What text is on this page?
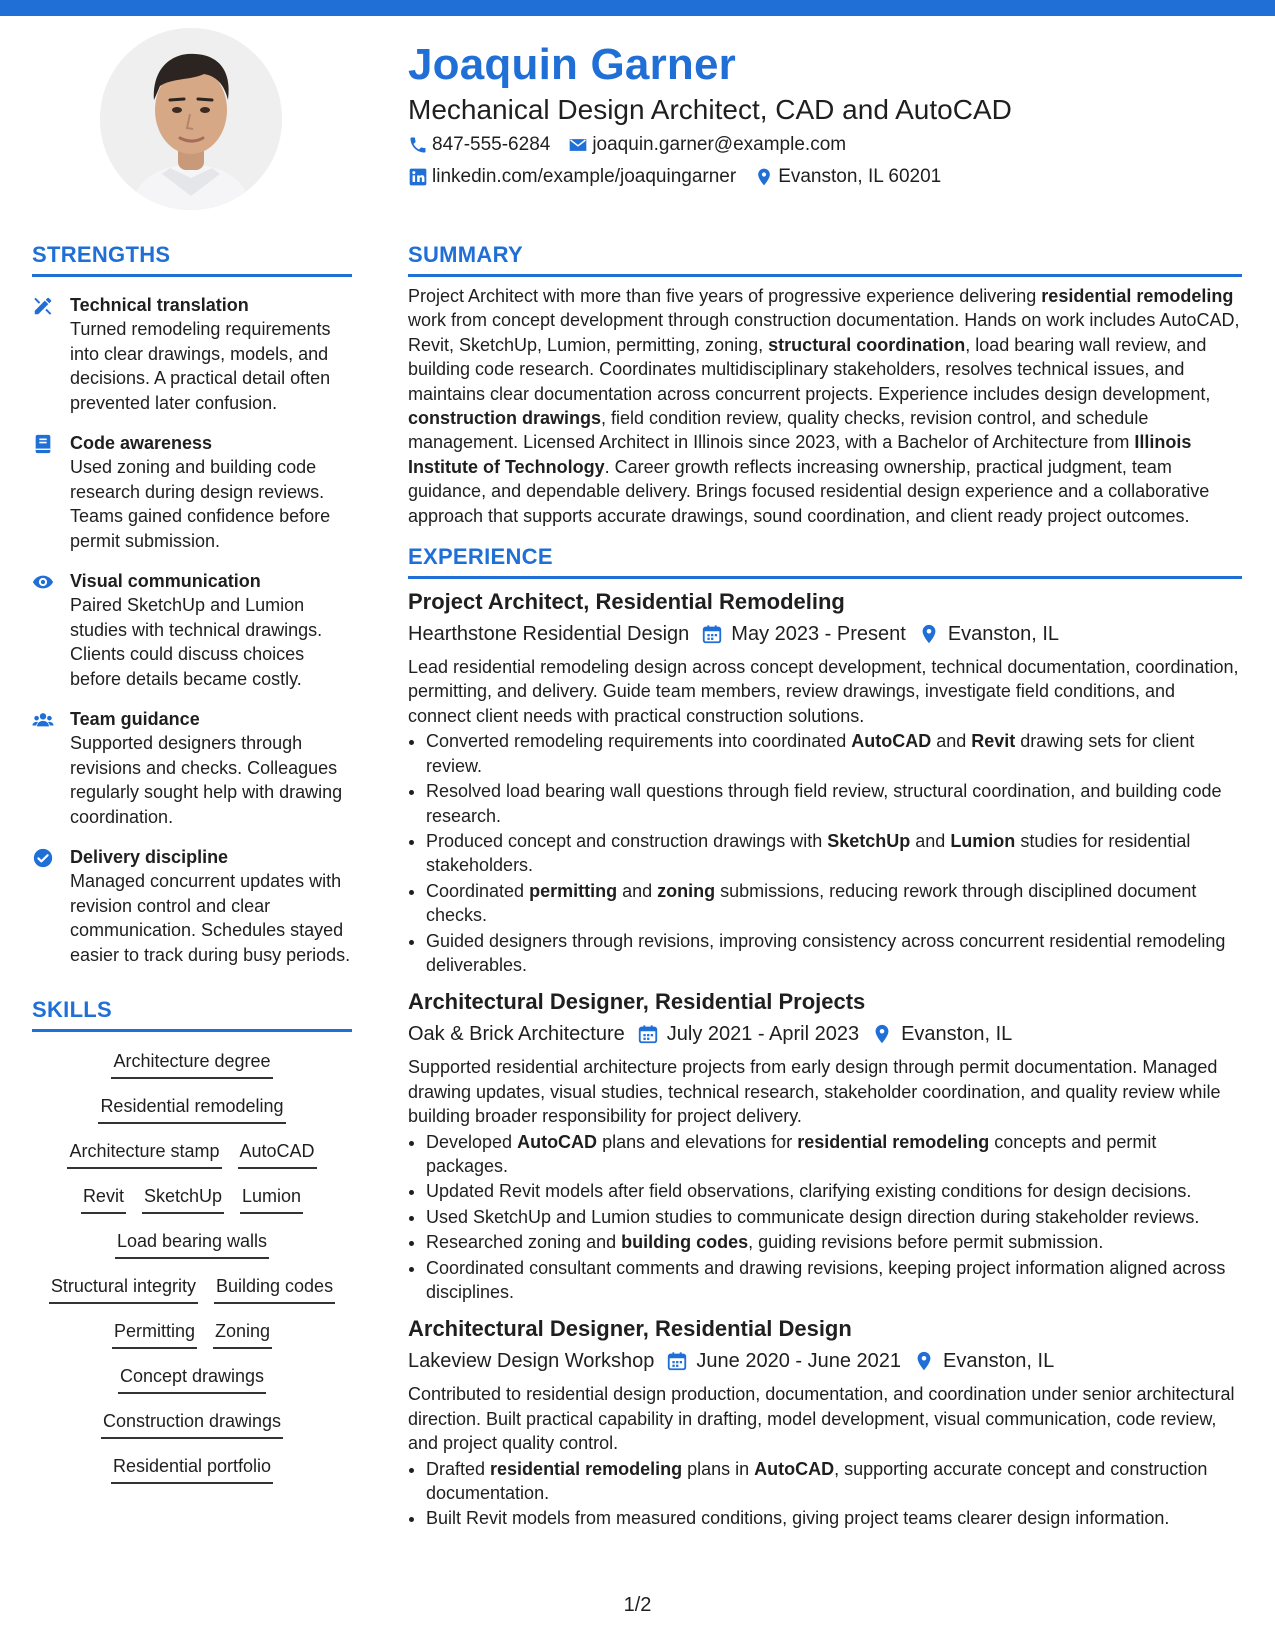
Joaquin Garner
Mechanical Design Architect, CAD and AutoCAD
847-555-6284 joaquin.garner@example.com
linkedin.com/example/joaquingarner Evanston, IL 60201
STRENGTHS
Technical translation
Turned remodeling requirements into clear drawings, models, and decisions. A practical detail often prevented later confusion.
Code awareness
Used zoning and building code research during design reviews. Teams gained confidence before permit submission.
Visual communication
Paired SketchUp and Lumion studies with technical drawings. Clients could discuss choices before details became costly.
Team guidance
Supported designers through revisions and checks. Colleagues regularly sought help with drawing coordination.
Delivery discipline
Managed concurrent updates with revision control and clear communication. Schedules stayed easier to track during busy periods.
SKILLS
Architecture degree
Residential remodeling
Architecture stamp AutoCAD
Revit SketchUp Lumion
Load bearing walls
Structural integrity Building codes
Permitting Zoning
Concept drawings
Construction drawings
Residential portfolio
SUMMARY
Project Architect with more than five years of progressive experience delivering residential remodeling work from concept development through construction documentation. Hands on work includes AutoCAD, Revit, SketchUp, Lumion, permitting, zoning, structural coordination, load bearing wall review, and building code research. Coordinates multidisciplinary stakeholders, resolves technical issues, and maintains clear documentation across concurrent projects. Experience includes design development, construction drawings, field condition review, quality checks, revision control, and schedule management. Licensed Architect in Illinois since 2023, with a Bachelor of Architecture from Illinois Institute of Technology. Career growth reflects increasing ownership, practical judgment, team guidance, and dependable delivery. Brings focused residential design experience and a collaborative approach that supports accurate drawings, sound coordination, and client ready project outcomes.
EXPERIENCE
Project Architect, Residential Remodeling
Hearthstone Residential Design May 2023 - Present Evanston, IL
Lead residential remodeling design across concept development, technical documentation, coordination, permitting, and delivery. Guide team members, review drawings, investigate field conditions, and connect client needs with practical construction solutions.
• Converted remodeling requirements into coordinated AutoCAD and Revit drawing sets for client review.
• Resolved load bearing wall questions through field review, structural coordination, and building code research.
• Produced concept and construction drawings with SketchUp and Lumion studies for residential stakeholders.
• Coordinated permitting and zoning submissions, reducing rework through disciplined document checks.
• Guided designers through revisions, improving consistency across concurrent residential remodeling deliverables.
Architectural Designer, Residential Projects
Oak & Brick Architecture July 2021 - April 2023 Evanston, IL
Supported residential architecture projects from early design through permit documentation. Managed drawing updates, visual studies, technical research, stakeholder coordination, and quality review while building broader responsibility for project delivery.
• Developed AutoCAD plans and elevations for residential remodeling concepts and permit packages.
• Updated Revit models after field observations, clarifying existing conditions for design decisions.
• Used SketchUp and Lumion studies to communicate design direction during stakeholder reviews.
• Researched zoning and building codes, guiding revisions before permit submission.
• Coordinated consultant comments and drawing revisions, keeping project information aligned across disciplines.
Architectural Designer, Residential Design
Lakeview Design Workshop June 2020 - June 2021 Evanston, IL
Contributed to residential design production, documentation, and coordination under senior architectural direction. Built practical capability in drafting, model development, visual communication, code review, and project quality control.
• Drafted residential remodeling plans in AutoCAD, supporting accurate concept and construction documentation.
• Built Revit models from measured conditions, giving project teams clearer design information.
1/2
